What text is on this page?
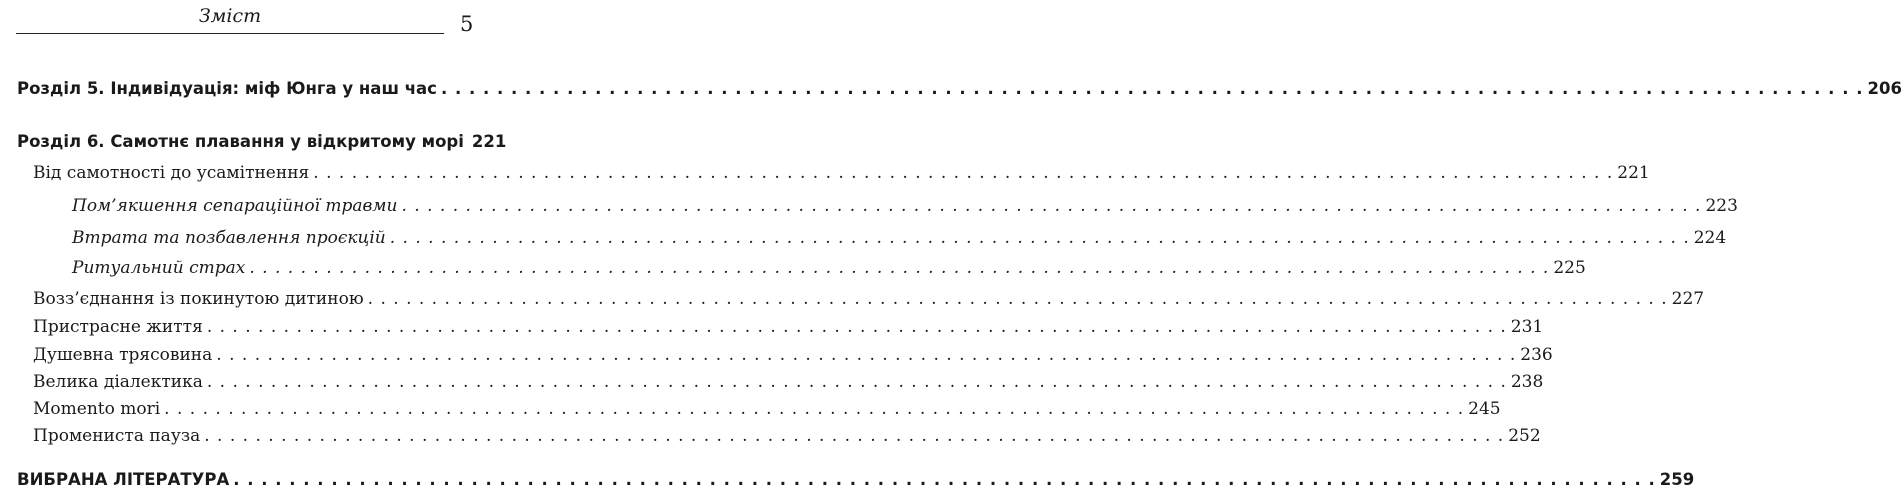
Зміст	5
Розділ 5. Індивідуація: міф Юнга у наш час . . .	206
Розділ 6. Самотнє плавання у відкритому морі 221
Від самотності до усамітнення . . .	221
Пом’якшення сепараційної травми . . .	223
Втрата та позбавлення проєкцій . . .	224
Ритуальний страх . . .	225
Возз’єднання із покинутою дитиною . . .	227
Пристрасне життя . . .	231
Душевна трясовина . . .	236
Велика діалектика . . .	238
Momento mori . . .	245
Промениста пауза . . .	252
ВИБРАНА ЛІТЕРАТУРА . . .	259
